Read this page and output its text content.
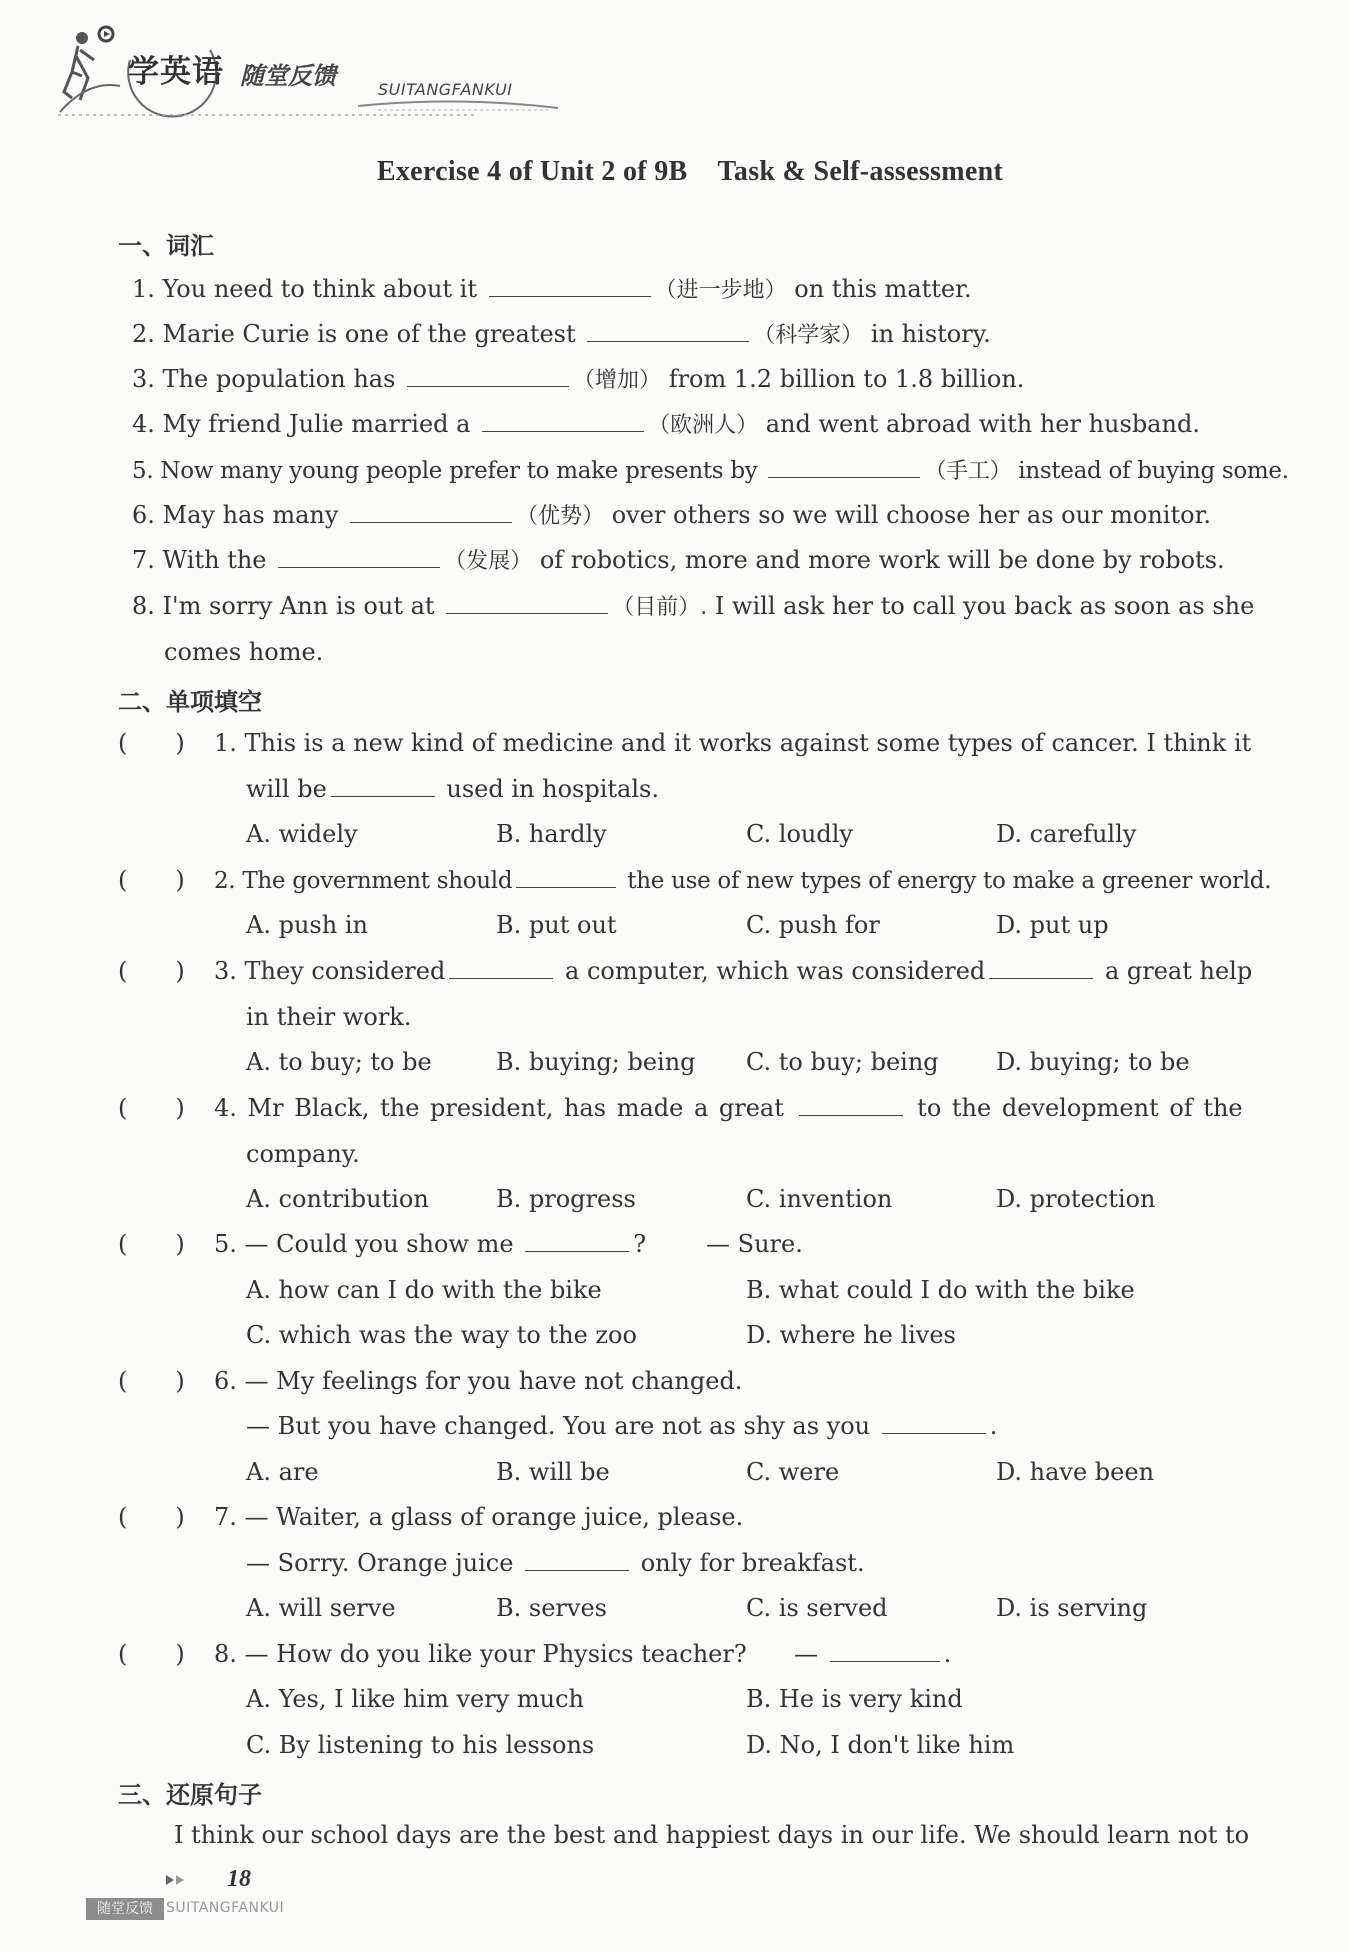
学英语 随堂反馈	SUITANGFANKUI
Exercise 4 of Unit 2 of 9B Task & Self-assessment
一、词汇
1. You need to think about it	（进一步地） on this matter.
2. Marie Curie is one of the greatest	（科学家） in history.
3. The population has	（增加） from 1.2 billion to 1.8 billion.
4. My friend Julie married a	（欧洲人） and went abroad with her husband.
5. Now many young people prefer to make presents by	（手工） instead of buying some.
6. May has many	（优势） over others so we will choose her as our monitor.
7. With the	（发展） of robotics, more and more work will be done by robots.
8. I'm sorry Ann is out at	（目前）. I will ask her to call you back as soon as she
comes home.
二、单项填空
(　　) 1. This is a new kind of medicine and it works against some types of cancer. I think it
will be	used in hospitals.
A. widely	B. hardly	C. loudly	D. carefully
(　　) 2. The government should	the use of new types of energy to make a greener world.
A. push in	B. put out	C. push for	D. put up
(　　) 3. They considered	a computer, which was considered	a great help
in their work.
A. to buy; to be	B. buying; being C. to buy; being D. buying; to be
(　　) 4. Mr Black, the president, has made a great	to the development of the
company.
A. contribution	B. progress	C. invention	D. protection
(　　) 5. — Could you show me	? — Sure.
A. how can I do with the bike	B. what could I do with the bike
C. which was the way to the zoo	D. where he lives
(　　) 6. — My feelings for you have not changed.
— But you have changed. You are not as shy as you	.
A. are	B. will be	C. were	D. have been
(　　) 7. — Waiter, a glass of orange juice, please.
— Sorry. Orange juice	only for breakfast.
A. will serve	B. serves	C. is served	D. is serving
(　　) 8. — How do you like your Physics teacher? —	.
A. Yes, I like him very much	B. He is very kind
C. By listening to his lessons	D. No, I don't like him
三、还原句子
I think our school days are the best and happiest days in our life. We should learn not to
18
随堂反馈 SUITANGFANKUI
